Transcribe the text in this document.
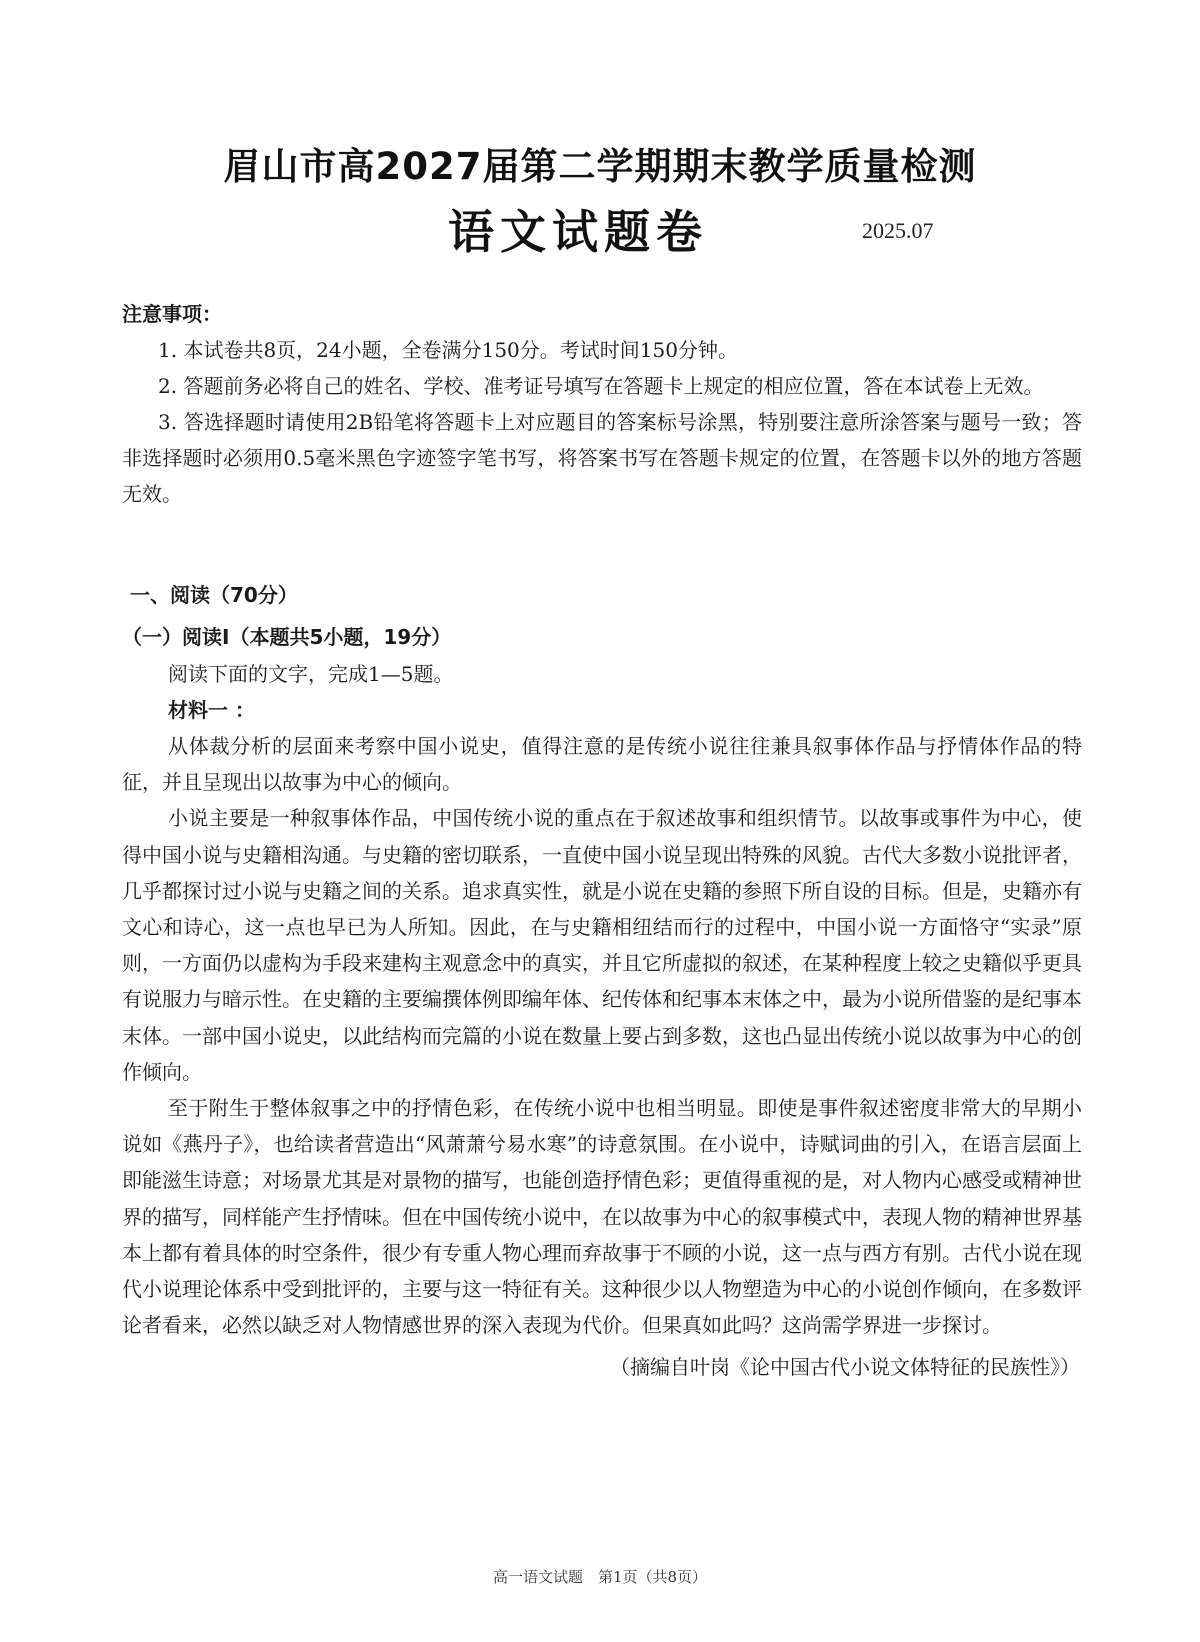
眉山市高2027届第二学期期末教学质量检测
语文试题卷	2025.07

注意事项：

1. 本试卷共8页，24小题，全卷满分150分。考试时间150分钟。

2. 答题前务必将自己的姓名、学校、准考证号填写在答题卡上规定的相应位置，答在本试卷上无效。

3. 答选择题时请使用2B铅笔将答题卡上对应题目的答案标号涂黑，特别要注意所涂答案与题号一致；答非选择题时必须用0.5毫米黑色字迹签字笔书写，将答案书写在答题卡规定的位置，在答题卡以外的地方答题无效。

一、阅读（70分）

（一）阅读Ⅰ（本题共5小题，19分）

阅读下面的文字，完成1—5题。

材料一 ：

从体裁分析的层面来考察中国小说史，值得注意的是传统小说往往兼具叙事体作品与抒情体作品的特征，并且呈现出以故事为中心的倾向。

小说主要是一种叙事体作品，中国传统小说的重点在于叙述故事和组织情节。以故事或事件为中心，使得中国小说与史籍相沟通。与史籍的密切联系，一直使中国小说呈现出特殊的风貌。古代大多数小说批评者，几乎都探讨过小说与史籍之间的关系。追求真实性，就是小说在史籍的参照下所自设的目标。但是，史籍亦有文心和诗心，这一点也早已为人所知。因此，在与史籍相纽结而行的过程中，中国小说一方面恪守“实录”原则，一方面仍以虚构为手段来建构主观意念中的真实，并且它所虚拟的叙述，在某种程度上较之史籍似乎更具有说服力与暗示性。在史籍的主要编撰体例即编年体、纪传体和纪事本末体之中，最为小说所借鉴的是纪事本末体。一部中国小说史，以此结构而完篇的小说在数量上要占到多数，这也凸显出传统小说以故事为中心的创作倾向。

至于附生于整体叙事之中的抒情色彩，在传统小说中也相当明显。即使是事件叙述密度非常大的早期小说如《燕丹子》，也给读者营造出“风萧萧兮易水寒”的诗意氛围。在小说中，诗赋词曲的引入，在语言层面上即能滋生诗意；对场景尤其是对景物的描写，也能创造抒情色彩；更值得重视的是，对人物内心感受或精神世界的描写，同样能产生抒情味。但在中国传统小说中，在以故事为中心的叙事模式中，表现人物的精神世界基本上都有着具体的时空条件，很少有专重人物心理而弃故事于不顾的小说，这一点与西方有别。古代小说在现代小说理论体系中受到批评的，主要与这一特征有关。这种很少以人物塑造为中心的小说创作倾向，在多数评论者看来，必然以缺乏对人物情感世界的深入表现为代价。但果真如此吗？这尚需学界进一步探讨。

（摘编自叶岗《论中国古代小说文体特征的民族性》）

高一语文试题　第1页（共8页）
